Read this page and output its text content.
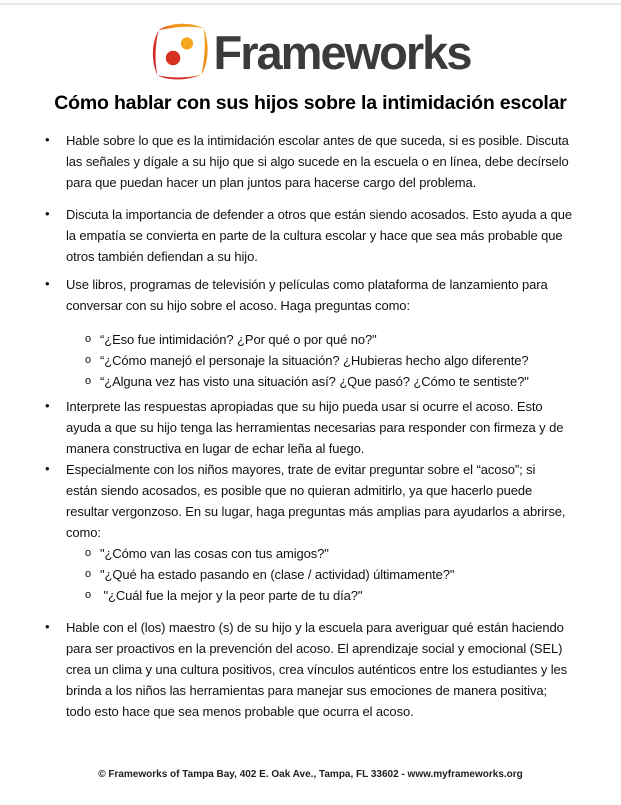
Frameworks
Cómo hablar con sus hijos sobre la intimidación escolar
• Hable sobre lo que es la intimidación escolar antes de que suceda, si es posible. Discuta
las señales y dígale a su hijo que si algo sucede en la escuela o en línea, debe decírselo
para que puedan hacer un plan juntos para hacerse cargo del problema.
• Discuta la importancia de defender a otros que están siendo acosados. Esto ayuda a que
la empatía se convierta en parte de la cultura escolar y hace que sea más probable que
otros también defiendan a su hijo.
• Use libros, programas de televisión y películas como plataforma de lanzamiento para
conversar con su hijo sobre el acoso. Haga preguntas como:
o “¿Eso fue intimidación? ¿Por qué o por qué no?"
o “¿Cómo manejó el personaje la situación? ¿Hubieras hecho algo diferente?
o “¿Alguna vez has visto una situación así? ¿Que pasó? ¿Cómo te sentiste?"
• Interprete las respuestas apropiadas que su hijo pueda usar si ocurre el acoso. Esto
ayuda a que su hijo tenga las herramientas necesarias para responder con firmeza y de
manera constructiva en lugar de echar leña al fuego.
• Especialmente con los niños mayores, trate de evitar preguntar sobre el “acoso”; si
están siendo acosados, es posible que no quieran admitirlo, ya que hacerlo puede
resultar vergonzoso. En su lugar, haga preguntas más amplias para ayudarlos a abrirse,
como:
o "¿Cómo van las cosas con tus amigos?"
o "¿Qué ha estado pasando en (clase / actividad) últimamente?"
o "¿Cuál fue la mejor y la peor parte de tu día?"
• Hable con el (los) maestro (s) de su hijo y la escuela para averiguar qué están haciendo
para ser proactivos en la prevención del acoso. El aprendizaje social y emocional (SEL)
crea un clima y una cultura positivos, crea vínculos auténticos entre los estudiantes y les
brinda a los niños las herramientas para manejar sus emociones de manera positiva;
todo esto hace que sea menos probable que ocurra el acoso.
© Frameworks of Tampa Bay, 402 E. Oak Ave., Tampa, FL 33602 - www.myframeworks.org
